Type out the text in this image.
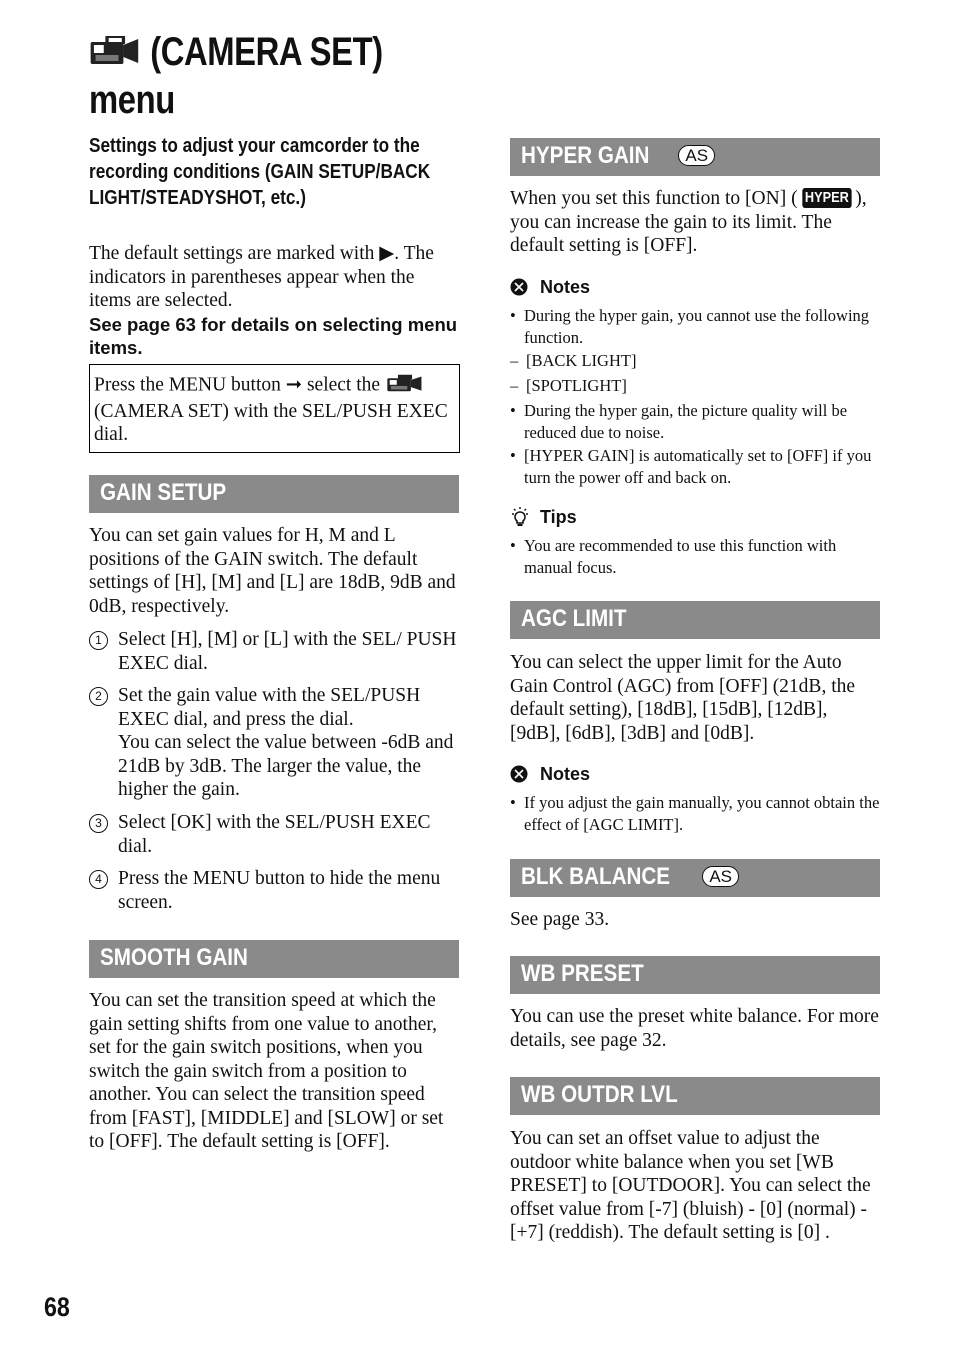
(CAMERA SET)
menu
Settings to adjust your camcorder to the recording conditions (GAIN SETUP/BACK LIGHT/STEADYSHOT, etc.)
The default settings are marked with ▶. The indicators in parentheses appear when the items are selected.
See page 63 for details on selecting menu items.
Press the MENU button ➞ select the  (CAMERA SET) with the SEL/PUSH EXEC dial.
GAIN SETUP
You can set gain values for H, M and L positions of the GAIN switch. The default settings of [H], [M] and [L] are 18dB, 9dB and 0dB, respectively.
1 Select [H], [M] or [L] with the SEL/ PUSH EXEC dial.
2 Set the gain value with the SEL/PUSH EXEC dial, and press the dial.
You can select the value between -6dB and 21dB by 3dB. The larger the value, the higher the gain.
3 Select [OK] with the SEL/PUSH EXEC dial.
4 Press the MENU button to hide the menu screen.
SMOOTH GAIN
You can set the transition speed at which the gain setting shifts from one value to another, set for the gain switch positions, when you switch the gain switch from a position to another. You can select the transition speed from [FAST], [MIDDLE] and [SLOW] or set to [OFF]. The default setting is [OFF].
HYPER GAIN AS
When you set this function to [ON] ( HYPER ), you can increase the gain to its limit. The default setting is [OFF].
Notes
• During the hyper gain, you cannot use the following function.
– [BACK LIGHT]
– [SPOTLIGHT]
• During the hyper gain, the picture quality will be reduced due to noise.
• [HYPER GAIN] is automatically set to [OFF] if you turn the power off and back on.
Tips
• You are recommended to use this function with manual focus.
AGC LIMIT
You can select the upper limit for the Auto Gain Control (AGC) from [OFF] (21dB, the default setting), [18dB], [15dB], [12dB], [9dB], [6dB], [3dB] and [0dB].
Notes
• If you adjust the gain manually, you cannot obtain the effect of [AGC LIMIT].
BLK BALANCE AS
See page 33.
WB PRESET
You can use the preset white balance. For more details, see page 32.
WB OUTDR LVL
You can set an offset value to adjust the outdoor white balance when you set [WB PRESET] to [OUTDOOR]. You can select the offset value from [-7] (bluish) - [0] (normal) - [+7] (reddish). The default setting is [0] .
68
